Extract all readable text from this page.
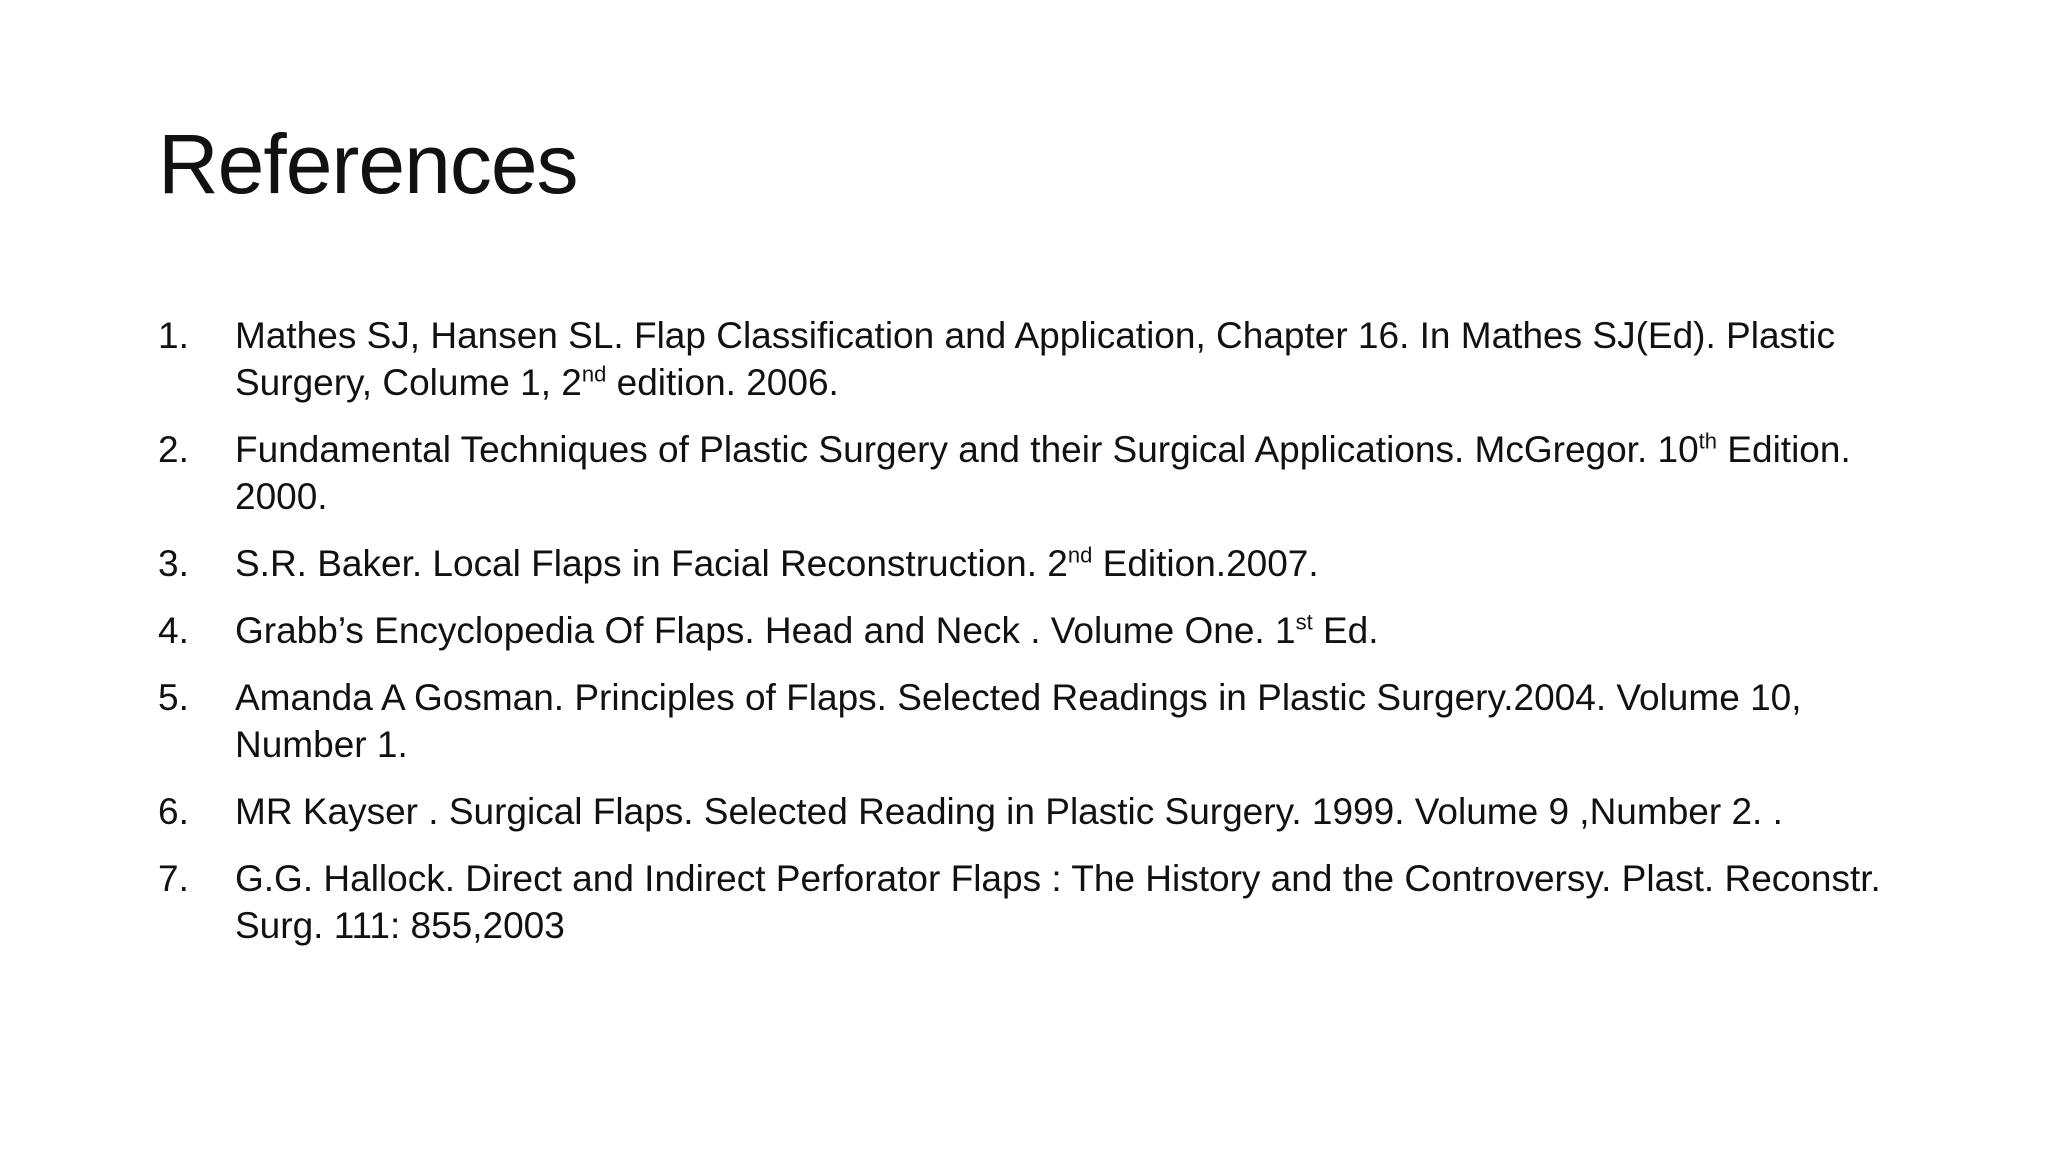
References
1.	Mathes SJ, Hansen SL. Flap Classification and Application, Chapter 16. In Mathes SJ(Ed). Plastic Surgery, Colume 1, 2nd edition. 2006.
2.	Fundamental Techniques of Plastic Surgery and their Surgical Applications. McGregor. 10th Edition. 2000.
3.	S.R. Baker. Local Flaps in Facial Reconstruction. 2nd Edition.2007.
4.	Grabb’s Encyclopedia Of Flaps. Head and Neck . Volume One. 1st Ed.
5.	Amanda A Gosman. Principles of Flaps. Selected Readings in Plastic Surgery.2004. Volume 10, Number 1.
6.	MR Kayser . Surgical Flaps. Selected Reading in Plastic Surgery. 1999. Volume 9 ,Number 2. .
7.	G.G. Hallock. Direct and Indirect Perforator Flaps : The History and the Controversy. Plast. Reconstr. Surg. 111: 855,2003
